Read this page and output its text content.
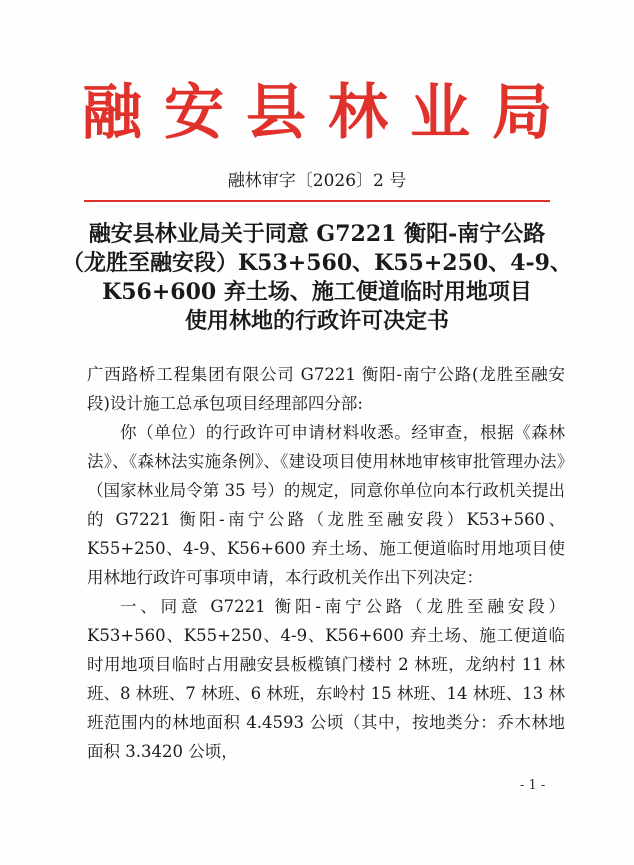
融安县林业局
融林审字〔2026〕2 号
融安县林业局关于同意 G7221 衡阳-南宁公路
（龙胜至融安段）K53+560、K55+250、4-9、
K56+600 弃土场、施工便道临时用地项目
使用林地的行政许可决定书

广西路桥工程集团有限公司 G7221 衡阳-南宁公路(龙胜至融安段)设计施工总承包项目经理部四分部:

你（单位）的行政许可申请材料收悉。经审查，根据《森林法》、《森林法实施条例》、《建设项目使用林地审核审批管理办法》（国家林业局令第 35 号）的规定，同意你单位向本行政机关提出的 G7221 衡阳-南宁公路（龙胜至融安段）K53+560、K55+250、4-9、K56+600 弃土场、施工便道临时用地项目使用林地行政许可事项申请，本行政机关作出下列决定：

一、同意 G7221 衡阳-南宁公路（龙胜至融安段）K53+560、K55+250、4-9、K56+600 弃土场、施工便道临时用地项目临时占用融安县板榄镇门楼村 2 林班，龙纳村 11 林班、8 林班、7 林班、6 林班，东岭村 15 林班、14 林班、13 林班范围内的林地面积 4.4593 公顷（其中，按地类分：乔木林地面积 3.3420 公顷，

- 1 -
